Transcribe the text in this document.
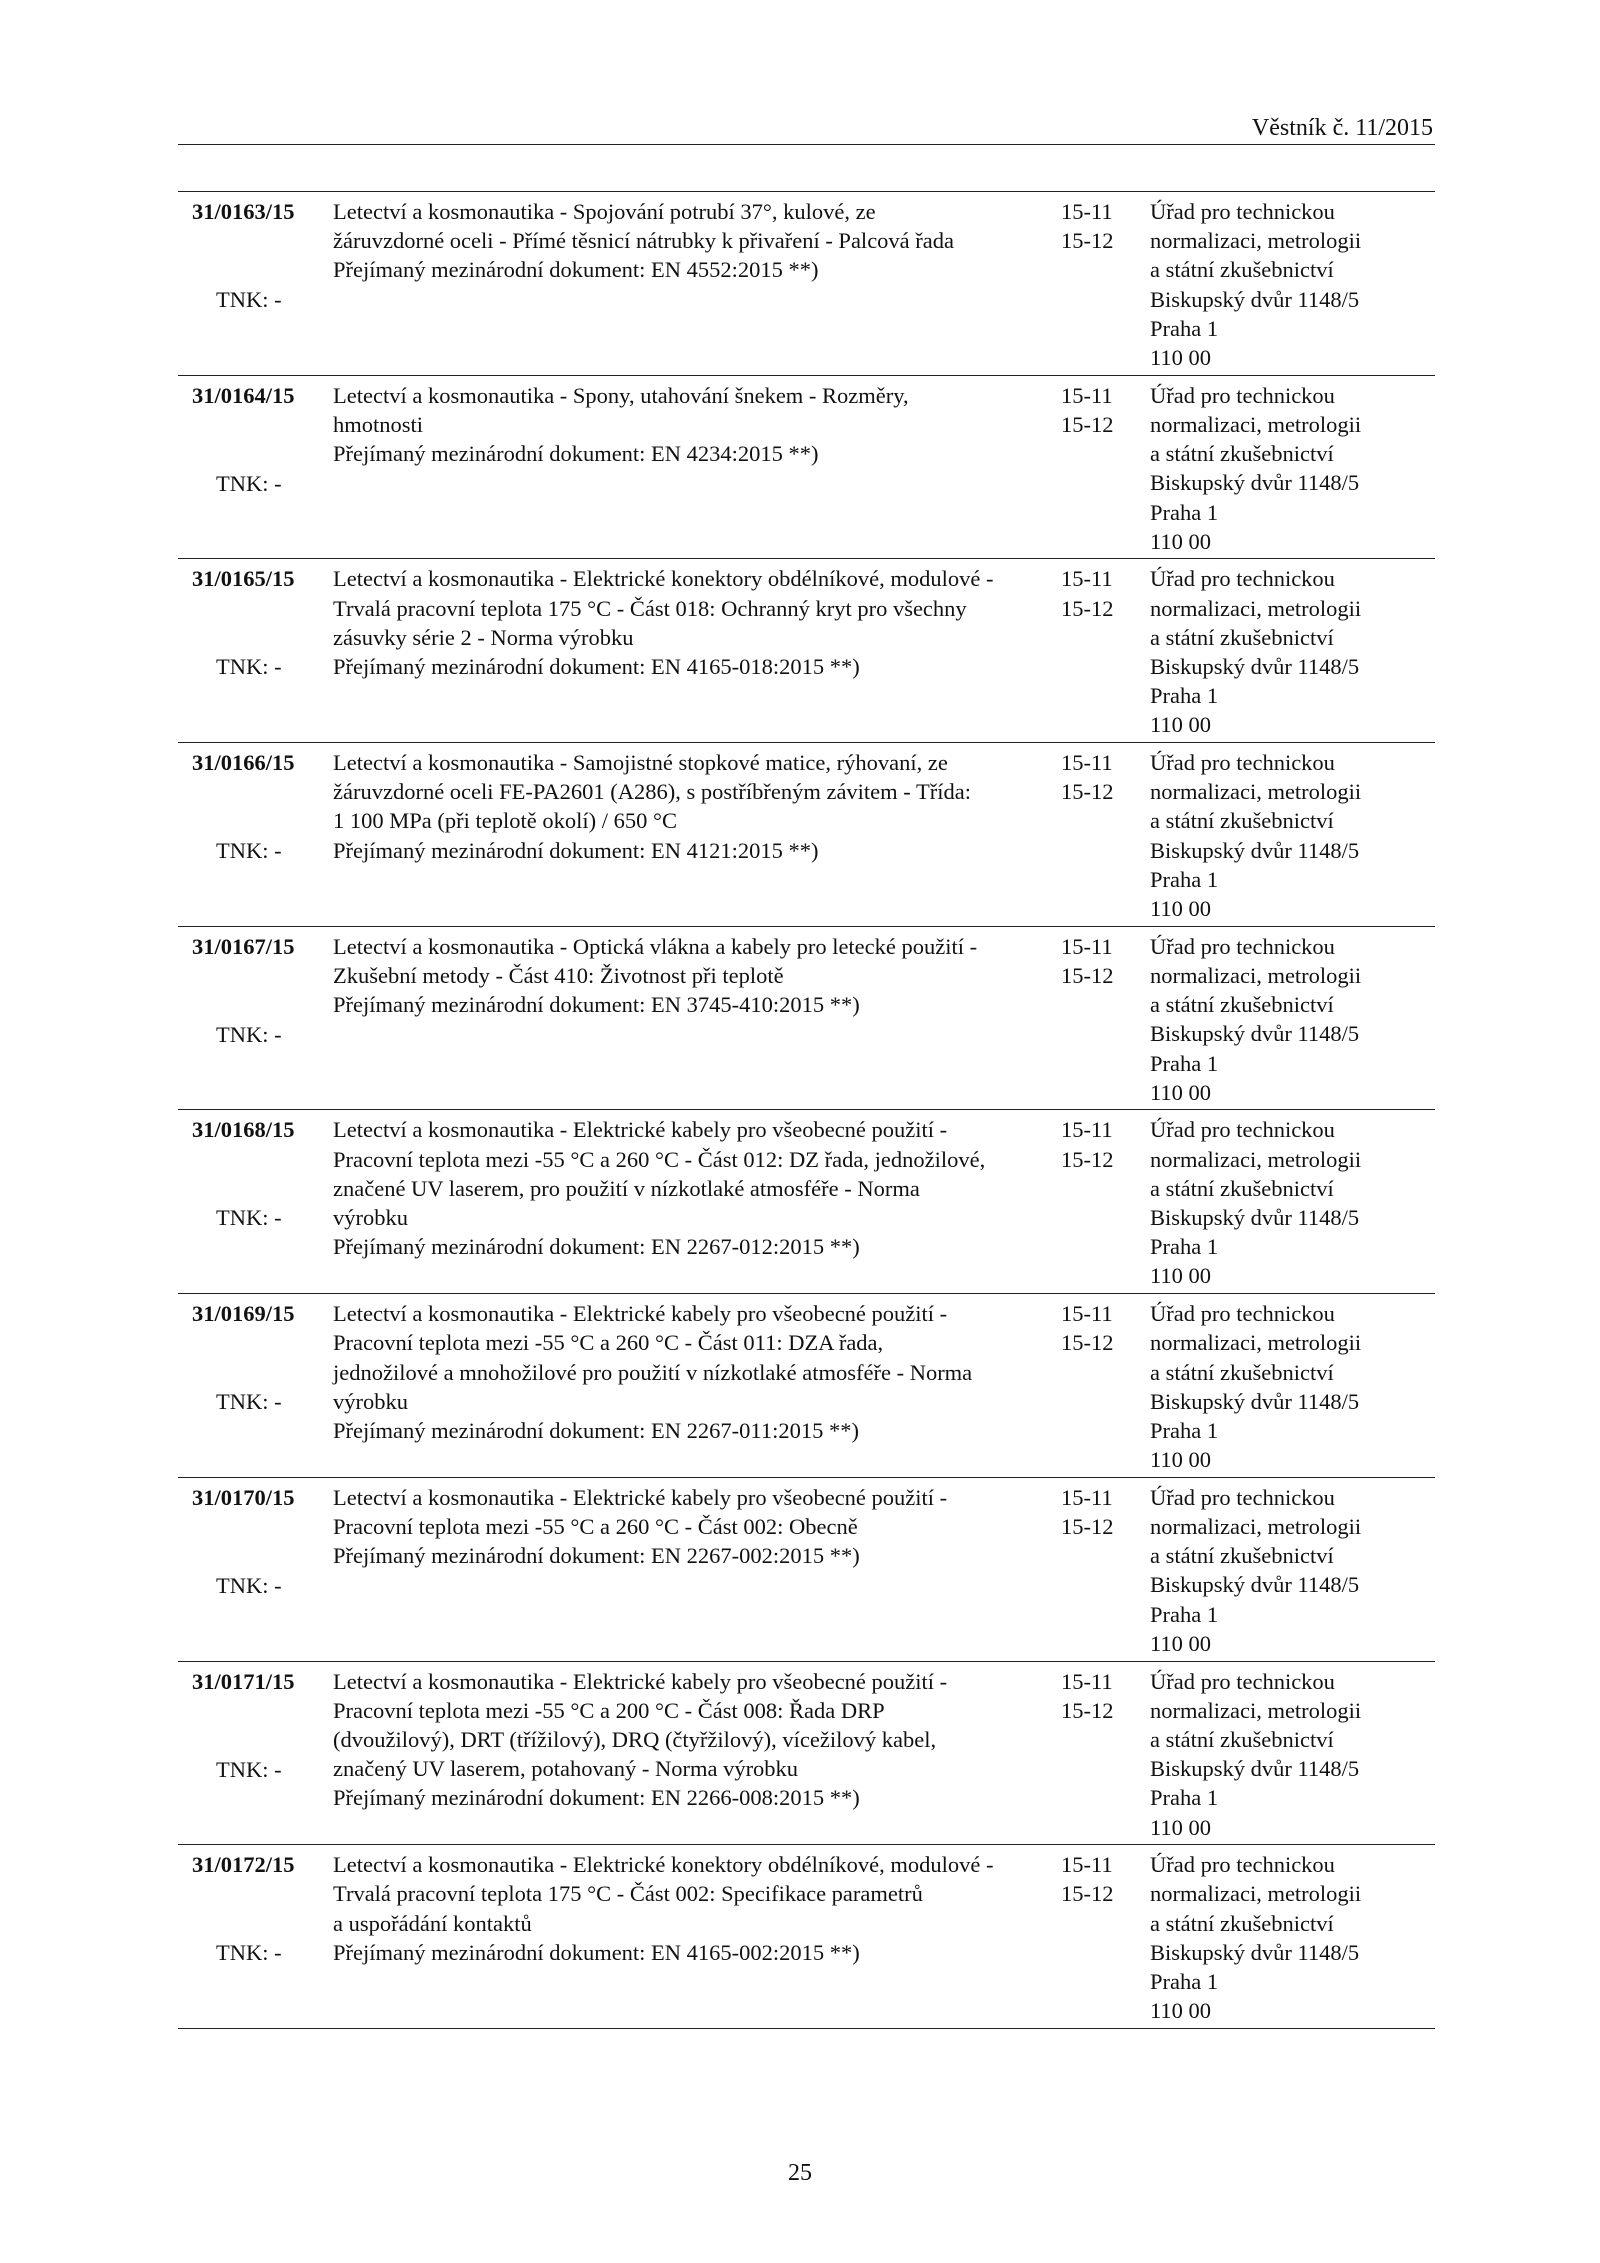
Věstník č. 11/2015
31/0163/15
TNK: -
Letectví a kosmonautika - Spojování potrubí 37°, kulové, ze
žáruvzdorné oceli - Přímé těsnicí nátrubky k přivaření - Palcová řada
Přejímaný mezinárodní dokument: EN 4552:2015 **)
15-11
15-12
Úřad pro technickou
normalizaci, metrologii
a státní zkušebnictví
Biskupský dvůr 1148/5
Praha 1
110 00
31/0164/15
TNK: -
Letectví a kosmonautika - Spony, utahování šnekem - Rozměry,
hmotnosti
Přejímaný mezinárodní dokument: EN 4234:2015 **)
15-11
15-12
Úřad pro technickou
normalizaci, metrologii
a státní zkušebnictví
Biskupský dvůr 1148/5
Praha 1
110 00
31/0165/15
TNK: -
Letectví a kosmonautika - Elektrické konektory obdélníkové, modulové -
Trvalá pracovní teplota 175 °C - Část 018: Ochranný kryt pro všechny
zásuvky série 2 - Norma výrobku
Přejímaný mezinárodní dokument: EN 4165-018:2015 **)
15-11
15-12
Úřad pro technickou
normalizaci, metrologii
a státní zkušebnictví
Biskupský dvůr 1148/5
Praha 1
110 00
31/0166/15
TNK: -
Letectví a kosmonautika - Samojistné stopkové matice, rýhovaní, ze
žáruvzdorné oceli FE-PA2601 (A286), s postříbřeným závitem - Třída:
1 100 MPa (při teplotě okolí) / 650 °C
Přejímaný mezinárodní dokument: EN 4121:2015 **)
15-11
15-12
Úřad pro technickou
normalizaci, metrologii
a státní zkušebnictví
Biskupský dvůr 1148/5
Praha 1
110 00
31/0167/15
TNK: -
Letectví a kosmonautika - Optická vlákna a kabely pro letecké použití -
Zkušební metody - Část 410: Životnost při teplotě
Přejímaný mezinárodní dokument: EN 3745-410:2015 **)
15-11
15-12
Úřad pro technickou
normalizaci, metrologii
a státní zkušebnictví
Biskupský dvůr 1148/5
Praha 1
110 00
31/0168/15
TNK: -
Letectví a kosmonautika - Elektrické kabely pro všeobecné použití -
Pracovní teplota mezi -55 °C a 260 °C - Část 012: DZ řada, jednožilové,
značené UV laserem, pro použití v nízkotlaké atmosféře - Norma
výrobku
Přejímaný mezinárodní dokument: EN 2267-012:2015 **)
15-11
15-12
Úřad pro technickou
normalizaci, metrologii
a státní zkušebnictví
Biskupský dvůr 1148/5
Praha 1
110 00
31/0169/15
TNK: -
Letectví a kosmonautika - Elektrické kabely pro všeobecné použití -
Pracovní teplota mezi -55 °C a 260 °C - Část 011: DZA řada,
jednožilové a mnohožilové pro použití v nízkotlaké atmosféře - Norma
výrobku
Přejímaný mezinárodní dokument: EN 2267-011:2015 **)
15-11
15-12
Úřad pro technickou
normalizaci, metrologii
a státní zkušebnictví
Biskupský dvůr 1148/5
Praha 1
110 00
31/0170/15
TNK: -
Letectví a kosmonautika - Elektrické kabely pro všeobecné použití -
Pracovní teplota mezi -55 °C a 260 °C - Část 002: Obecně
Přejímaný mezinárodní dokument: EN 2267-002:2015 **)
15-11
15-12
Úřad pro technickou
normalizaci, metrologii
a státní zkušebnictví
Biskupský dvůr 1148/5
Praha 1
110 00
31/0171/15
TNK: -
Letectví a kosmonautika - Elektrické kabely pro všeobecné použití -
Pracovní teplota mezi -55 °C a 200 °C - Část 008: Řada DRP
(dvoužilový), DRT (třížilový), DRQ (čtyřžilový), vícežilový kabel,
značený UV laserem, potahovaný - Norma výrobku
Přejímaný mezinárodní dokument: EN 2266-008:2015 **)
15-11
15-12
Úřad pro technickou
normalizaci, metrologii
a státní zkušebnictví
Biskupský dvůr 1148/5
Praha 1
110 00
31/0172/15
TNK: -
Letectví a kosmonautika - Elektrické konektory obdélníkové, modulové -
Trvalá pracovní teplota 175 °C - Část 002: Specifikace parametrů
a uspořádání kontaktů
Přejímaný mezinárodní dokument: EN 4165-002:2015 **)
15-11
15-12
Úřad pro technickou
normalizaci, metrologii
a státní zkušebnictví
Biskupský dvůr 1148/5
Praha 1
110 00
25
